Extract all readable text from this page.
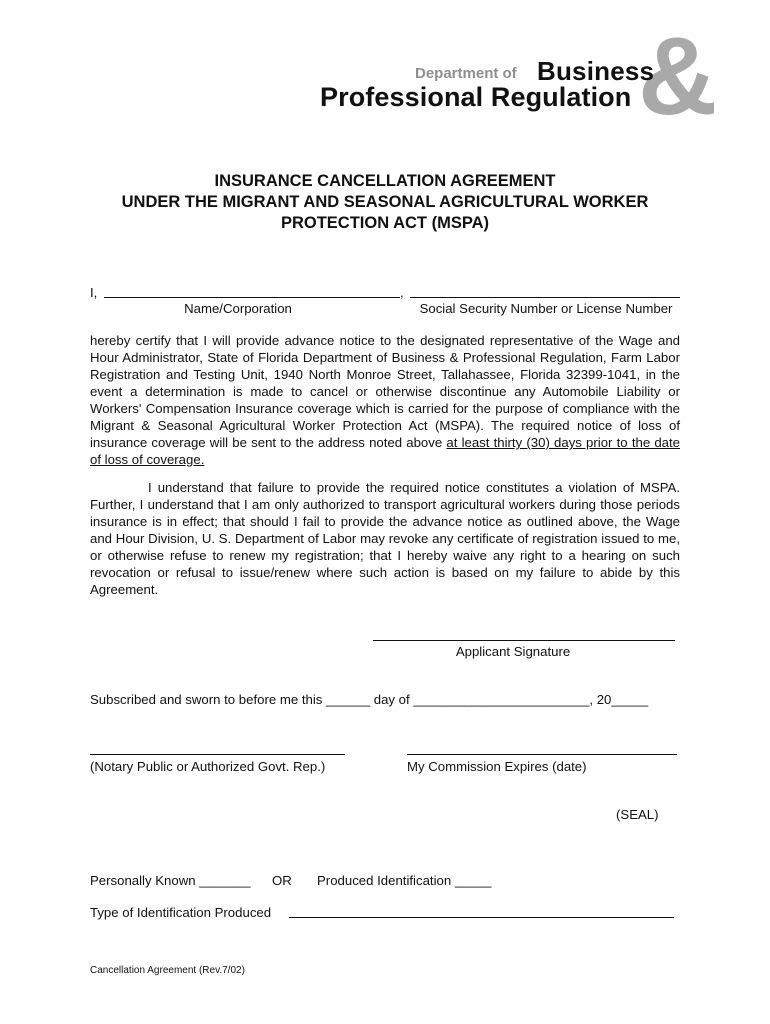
&
Department of Business
Professional Regulation
INSURANCE CANCELLATION AGREEMENT
UNDER THE MIGRANT AND SEASONAL AGRICULTURAL WORKER
PROTECTION ACT (MSPA)
I,	,
Name/Corporation	Social Security Number or License Number

hereby certify that I will provide advance notice to the designated representative of the Wage and Hour Administrator, State of Florida Department of Business & Professional Regulation, Farm Labor Registration and Testing Unit, 1940 North Monroe Street, Tallahassee, Florida 32399-1041, in the event a determination is made to cancel or otherwise discontinue any Automobile Liability or Workers' Compensation Insurance coverage which is carried for the purpose of compliance with the Migrant & Seasonal Agricultural Worker Protection Act (MSPA). The required notice of loss of insurance coverage will be sent to the address noted above at least thirty (30) days prior to the date of loss of coverage.

I understand that failure to provide the required notice constitutes a violation of MSPA. Further, I understand that I am only authorized to transport agricultural workers during those periods insurance is in effect; that should I fail to provide the advance notice as outlined above, the Wage and Hour Division, U. S. Department of Labor may revoke any certificate of registration issued to me, or otherwise refuse to renew my registration; that I hereby waive any right to a hearing on such revocation or refusal to issue/renew where such action is based on my failure to abide by this Agreement.

Applicant Signature
Subscribed and sworn to before me this ______ day of ________________________, 20_____
(Notary Public or Authorized Govt. Rep.)	My Commission Expires (date)
(SEAL)
Personally Known _______ OR Produced Identification _____
Type of Identification Produced
Cancellation Agreement (Rev.7/02)
